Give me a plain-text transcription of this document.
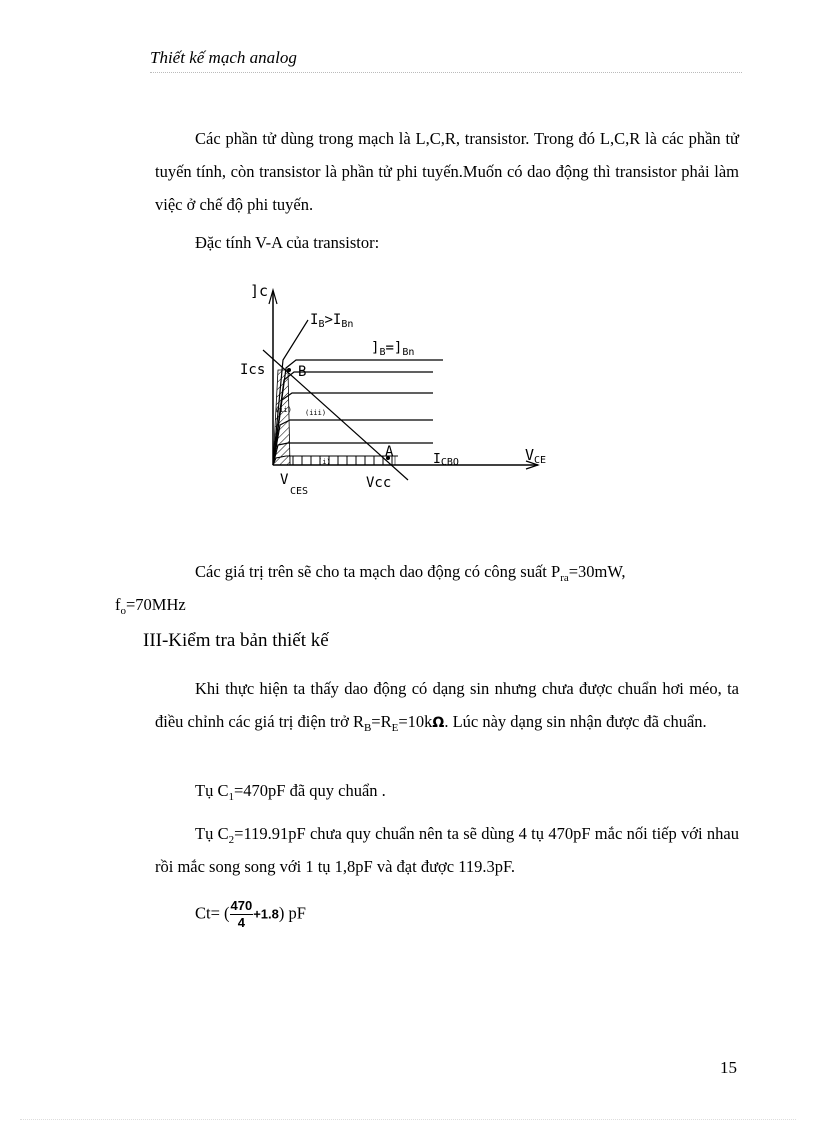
Thiết kế mạch analog
Các phần tử dùng trong mạch là L,C,R, transistor. Trong đó L,C,R là các phần tử tuyến tính, còn transistor là phần tử phi tuyến.Muốn có dao động thì transistor phải làm việc ở chế độ phi tuyến.
Đặc tính V-A của transistor:
]c
$I_B>I_{Bn}$
]$_B=]_{Bn}$
Ics B
(ii) (iii)
(i)
A	ICBO	$V_{CE}$
VCES
Vcc
Các giá trị trên sẽ cho ta mạch dao động có công suất $P_{ra}=30mW$,
$f_o=70MHz$
III-Kiểm tra bản thiết kế
Khi thực hiện ta thấy dao động có dạng sin nhưng chưa được chuẩn hơi méo, ta điều chỉnh các giá trị điện trở $R_B=R_E=10k\Omega$. Lúc này dạng sin nhận được đã chuẩn.
Tụ $C_1=470pF$ đã quy chuẩn .
Tụ $C_2=119.91pF$ chưa quy chuẩn nên ta sẽ dùng 4 tụ 470pF mắc nối tiếp với nhau rồi mắc song song với 1 tụ 1,8pF và đạt được 119.3pF.
Ct= ( $\frac{470}{4} +1.8$) pF
15
